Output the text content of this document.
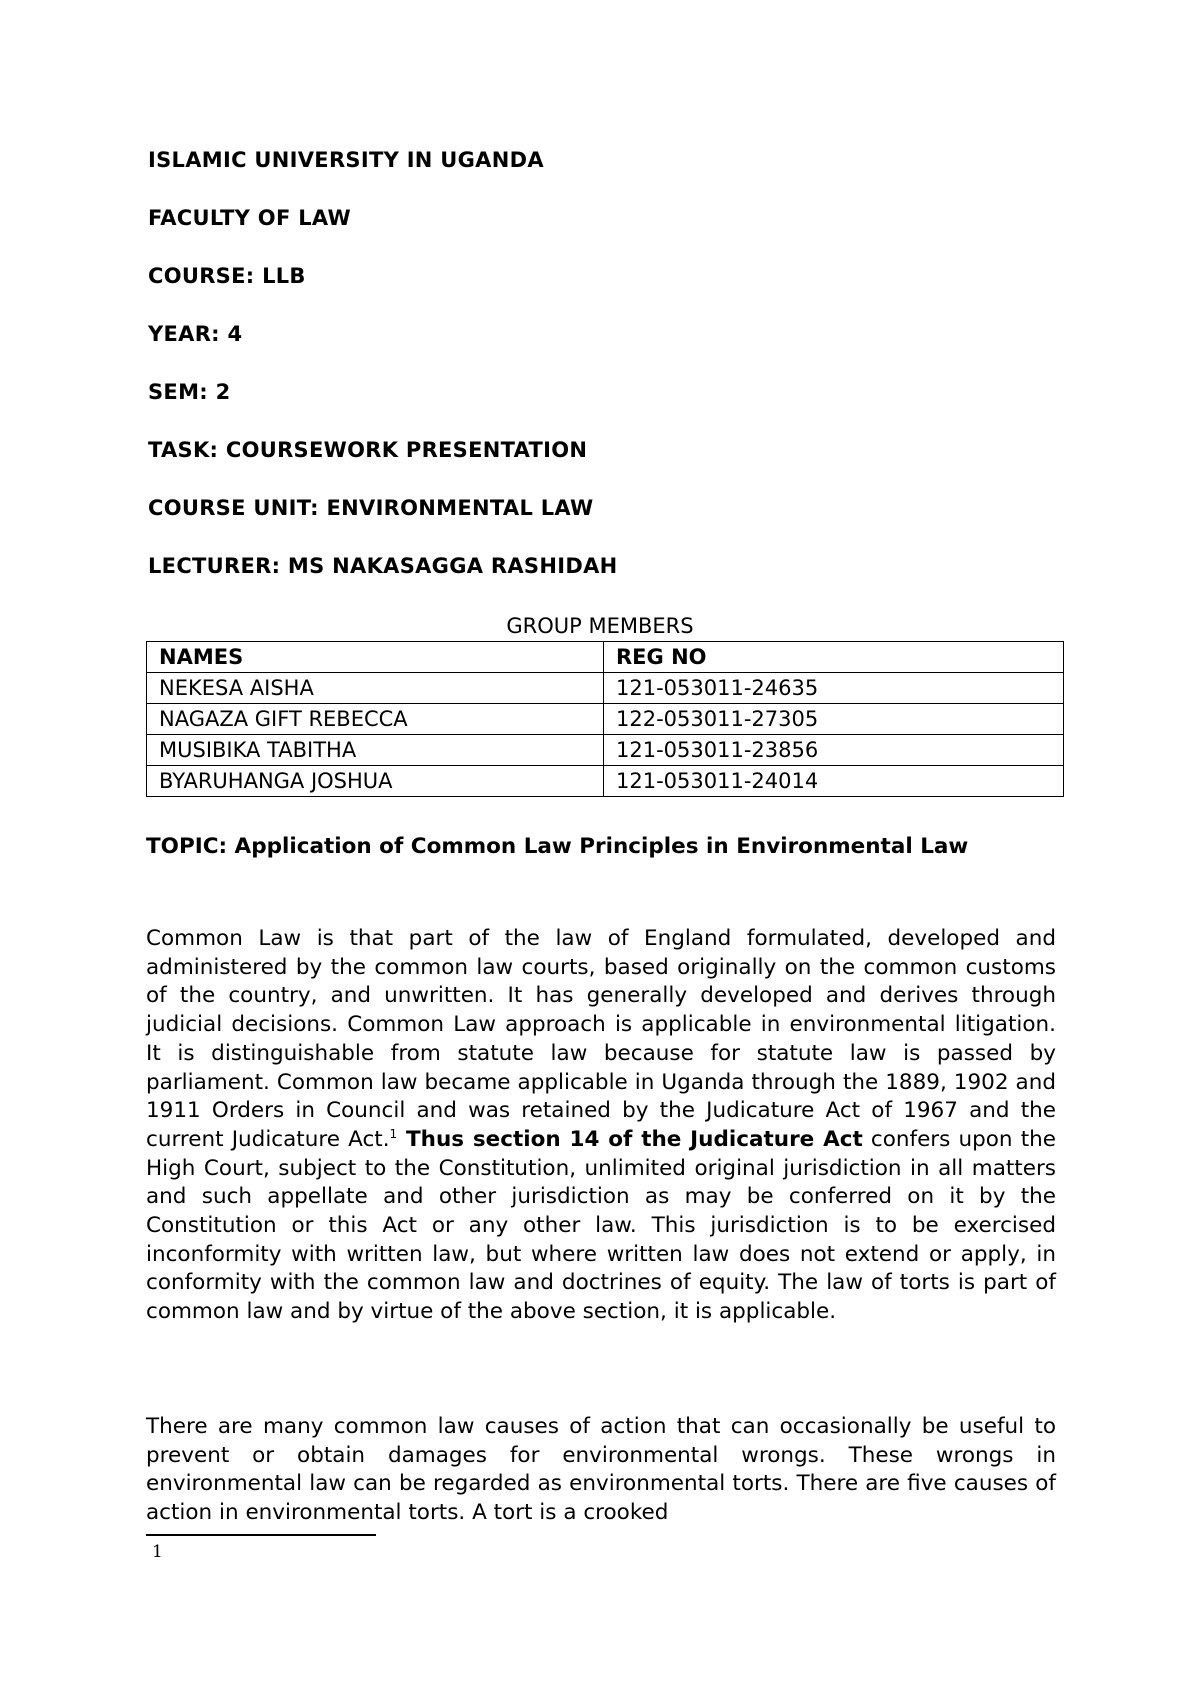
ISLAMIC UNIVERSITY IN UGANDA
FACULTY OF LAW
COURSE: LLB
YEAR: 4
SEM: 2
TASK: COURSEWORK PRESENTATION
COURSE UNIT: ENVIRONMENTAL LAW
LECTURER: MS NAKASAGGA RASHIDAH
GROUP MEMBERS
NAMES	REG NO
NEKESA AISHA	121-053011-24635
NAGAZA GIFT REBECCA	122-053011-27305
MUSIBIKA TABITHA	121-053011-23856
BYARUHANGA JOSHUA	121-053011-24014
TOPIC: Application of Common Law Principles in Environmental Law

Common Law is that part of the law of England formulated, developed and administered by the common law courts, based originally on the common customs of the country, and unwritten. It has generally developed and derives through judicial decisions. Common Law approach is applicable in environmental litigation. It is distinguishable from statute law because for statute law is passed by parliament. Common law became applicable in Uganda through the 1889, 1902 and 1911 Orders in Council and was retained by the Judicature Act of 1967 and the current Judicature Act.$^1$ Thus section 14 of the Judicature Act confers upon the High Court, subject to the Constitution, unlimited original jurisdiction in all matters and such appellate and other jurisdiction as may be conferred on it by the Constitution or this Act or any other law. This jurisdiction is to be exercised inconformity with written law, but where written law does not extend or apply, in conformity with the common law and doctrines of equity. The law of torts is part of common law and by virtue of the above section, it is applicable.

There are many common law causes of action that can occasionally be useful to prevent or obtain damages for environmental wrongs. These wrongs in environmental law can be regarded as environmental torts. There are five causes of action in environmental torts. A tort is a crooked

1
